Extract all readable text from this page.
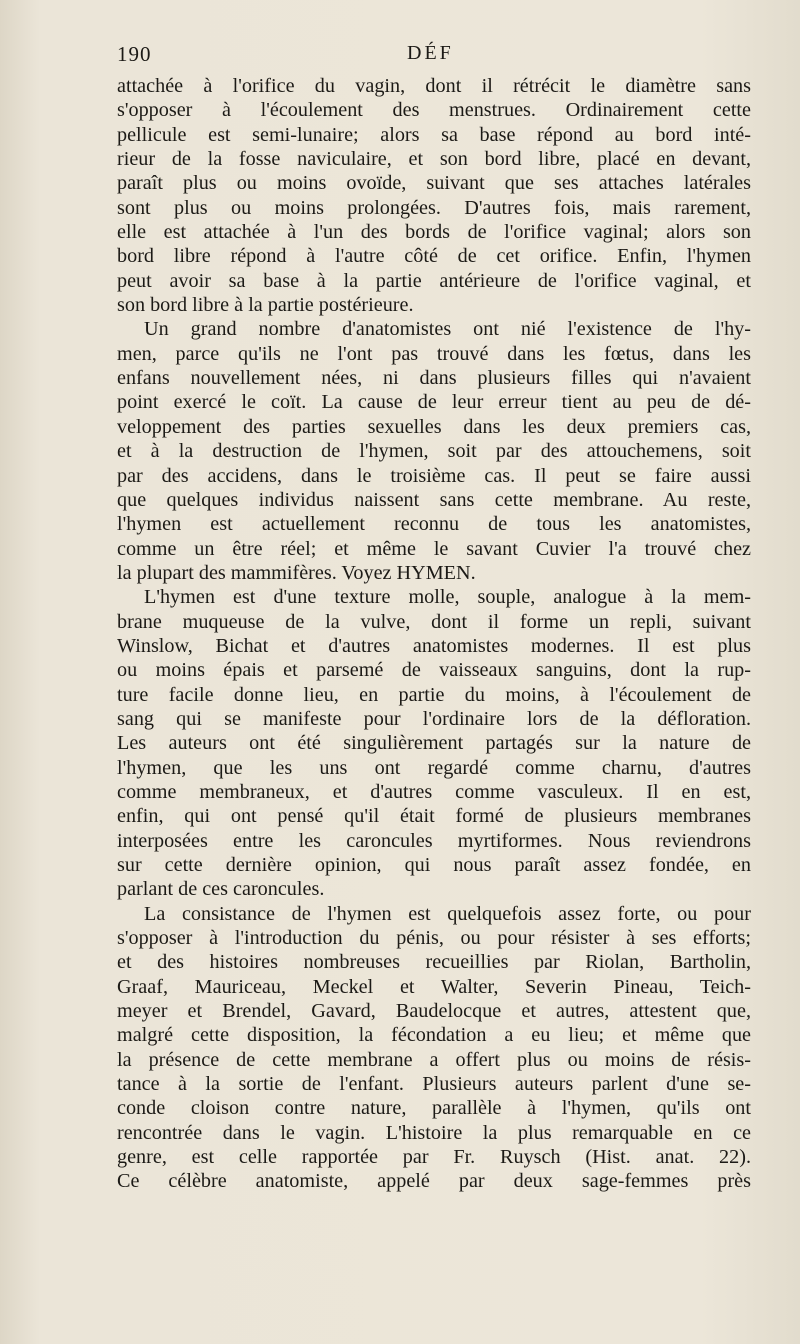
190	DÉF
attachée à l'orifice du vagin, dont il rétrécit le diamètre sans
s'opposer à l'écoulement des menstrues. Ordinairement cette
pellicule est semi-lunaire; alors sa base répond au bord inté-
rieur de la fosse naviculaire, et son bord libre, placé en devant,
paraît plus ou moins ovoïde, suivant que ses attaches latérales
sont plus ou moins prolongées. D'autres fois, mais rarement,
elle est attachée à l'un des bords de l'orifice vaginal; alors son
bord libre répond à l'autre côté de cet orifice. Enfin, l'hymen
peut avoir sa base à la partie antérieure de l'orifice vaginal, et
son bord libre à la partie postérieure.
Un grand nombre d'anatomistes ont nié l'existence de l'hy-
men, parce qu'ils ne l'ont pas trouvé dans les fœtus, dans les
enfans nouvellement nées, ni dans plusieurs filles qui n'avaient
point exercé le coït. La cause de leur erreur tient au peu de dé-
veloppement des parties sexuelles dans les deux premiers cas,
et à la destruction de l'hymen, soit par des attouchemens, soit
par des accidens, dans le troisième cas. Il peut se faire aussi
que quelques individus naissent sans cette membrane. Au reste,
l'hymen est actuellement reconnu de tous les anatomistes,
comme un être réel; et même le savant Cuvier l'a trouvé chez
la plupart des mammifères. Voyez HYMEN.
L'hymen est d'une texture molle, souple, analogue à la mem-
brane muqueuse de la vulve, dont il forme un repli, suivant
Winslow, Bichat et d'autres anatomistes modernes. Il est plus
ou moins épais et parsemé de vaisseaux sanguins, dont la rup-
ture facile donne lieu, en partie du moins, à l'écoulement de
sang qui se manifeste pour l'ordinaire lors de la défloration.
Les auteurs ont été singulièrement partagés sur la nature de
l'hymen, que les uns ont regardé comme charnu, d'autres
comme membraneux, et d'autres comme vasculeux. Il en est,
enfin, qui ont pensé qu'il était formé de plusieurs membranes
interposées entre les caroncules myrtiformes. Nous reviendrons
sur cette dernière opinion, qui nous paraît assez fondée, en
parlant de ces caroncules.
La consistance de l'hymen est quelquefois assez forte, ou pour
s'opposer à l'introduction du pénis, ou pour résister à ses efforts;
et des histoires nombreuses recueillies par Riolan, Bartholin,
Graaf, Mauriceau, Meckel et Walter, Severin Pineau, Teich-
meyer et Brendel, Gavard, Baudelocque et autres, attestent que,
malgré cette disposition, la fécondation a eu lieu; et même que
la présence de cette membrane a offert plus ou moins de résis-
tance à la sortie de l'enfant. Plusieurs auteurs parlent d'une se-
conde cloison contre nature, parallèle à l'hymen, qu'ils ont
rencontrée dans le vagin. L'histoire la plus remarquable en ce
genre, est celle rapportée par Fr. Ruysch (Hist. anat. 22).
Ce célèbre anatomiste, appelé par deux sage-femmes près
